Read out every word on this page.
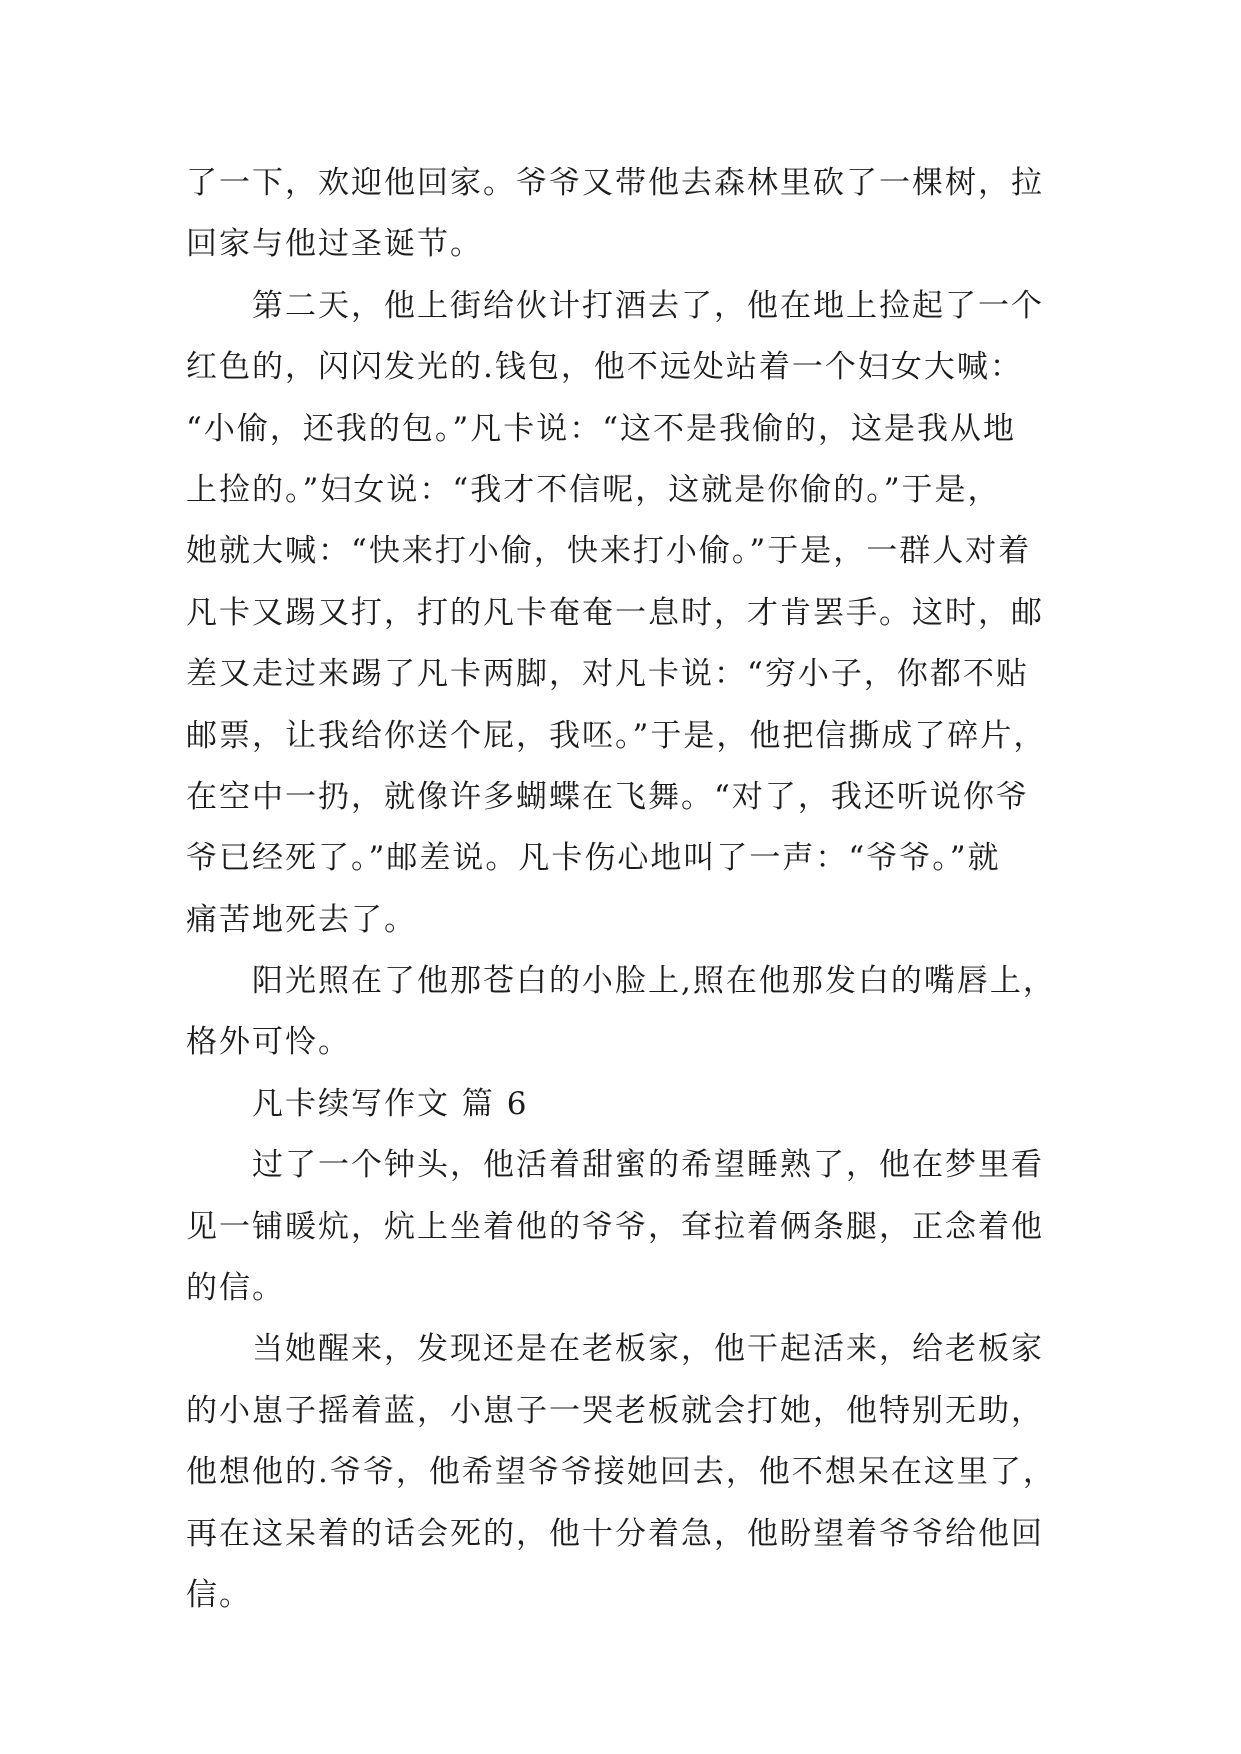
了一下，欢迎他回家。爷爷又带他去森林里砍了一棵树，拉
回家与他过圣诞节。
第二天，他上街给伙计打酒去了，他在地上捡起了一个
红色的，闪闪发光的.钱包，他不远处站着一个妇女大喊：
“小偷，还我的包。”凡卡说：“这不是我偷的，这是我从地
上捡的。”妇女说：“我才不信呢，这就是你偷的。”于是，
她就大喊：“快来打小偷，快来打小偷。”于是，一群人对着
凡卡又踢又打，打的凡卡奄奄一息时，才肯罢手。这时，邮
差又走过来踢了凡卡两脚，对凡卡说：“穷小子，你都不贴
邮票，让我给你送个屁，我呸。”于是，他把信撕成了碎片，
在空中一扔，就像许多蝴蝶在飞舞。“对了，我还听说你爷
爷已经死了。”邮差说。凡卡伤心地叫了一声：“爷爷。”就
痛苦地死去了。
阳光照在了他那苍白的小脸上,照在他那发白的嘴唇上，
格外可怜。
凡卡续写作文 篇 6
过了一个钟头，他活着甜蜜的希望睡熟了，他在梦里看
见一铺暖炕，炕上坐着他的爷爷，耷拉着俩条腿，正念着他
的信。
当她醒来，发现还是在老板家，他干起活来，给老板家
的小崽子摇着蓝，小崽子一哭老板就会打她，他特别无助，
他想他的.爷爷，他希望爷爷接她回去，他不想呆在这里了，
再在这呆着的话会死的，他十分着急，他盼望着爷爷给他回
信。
